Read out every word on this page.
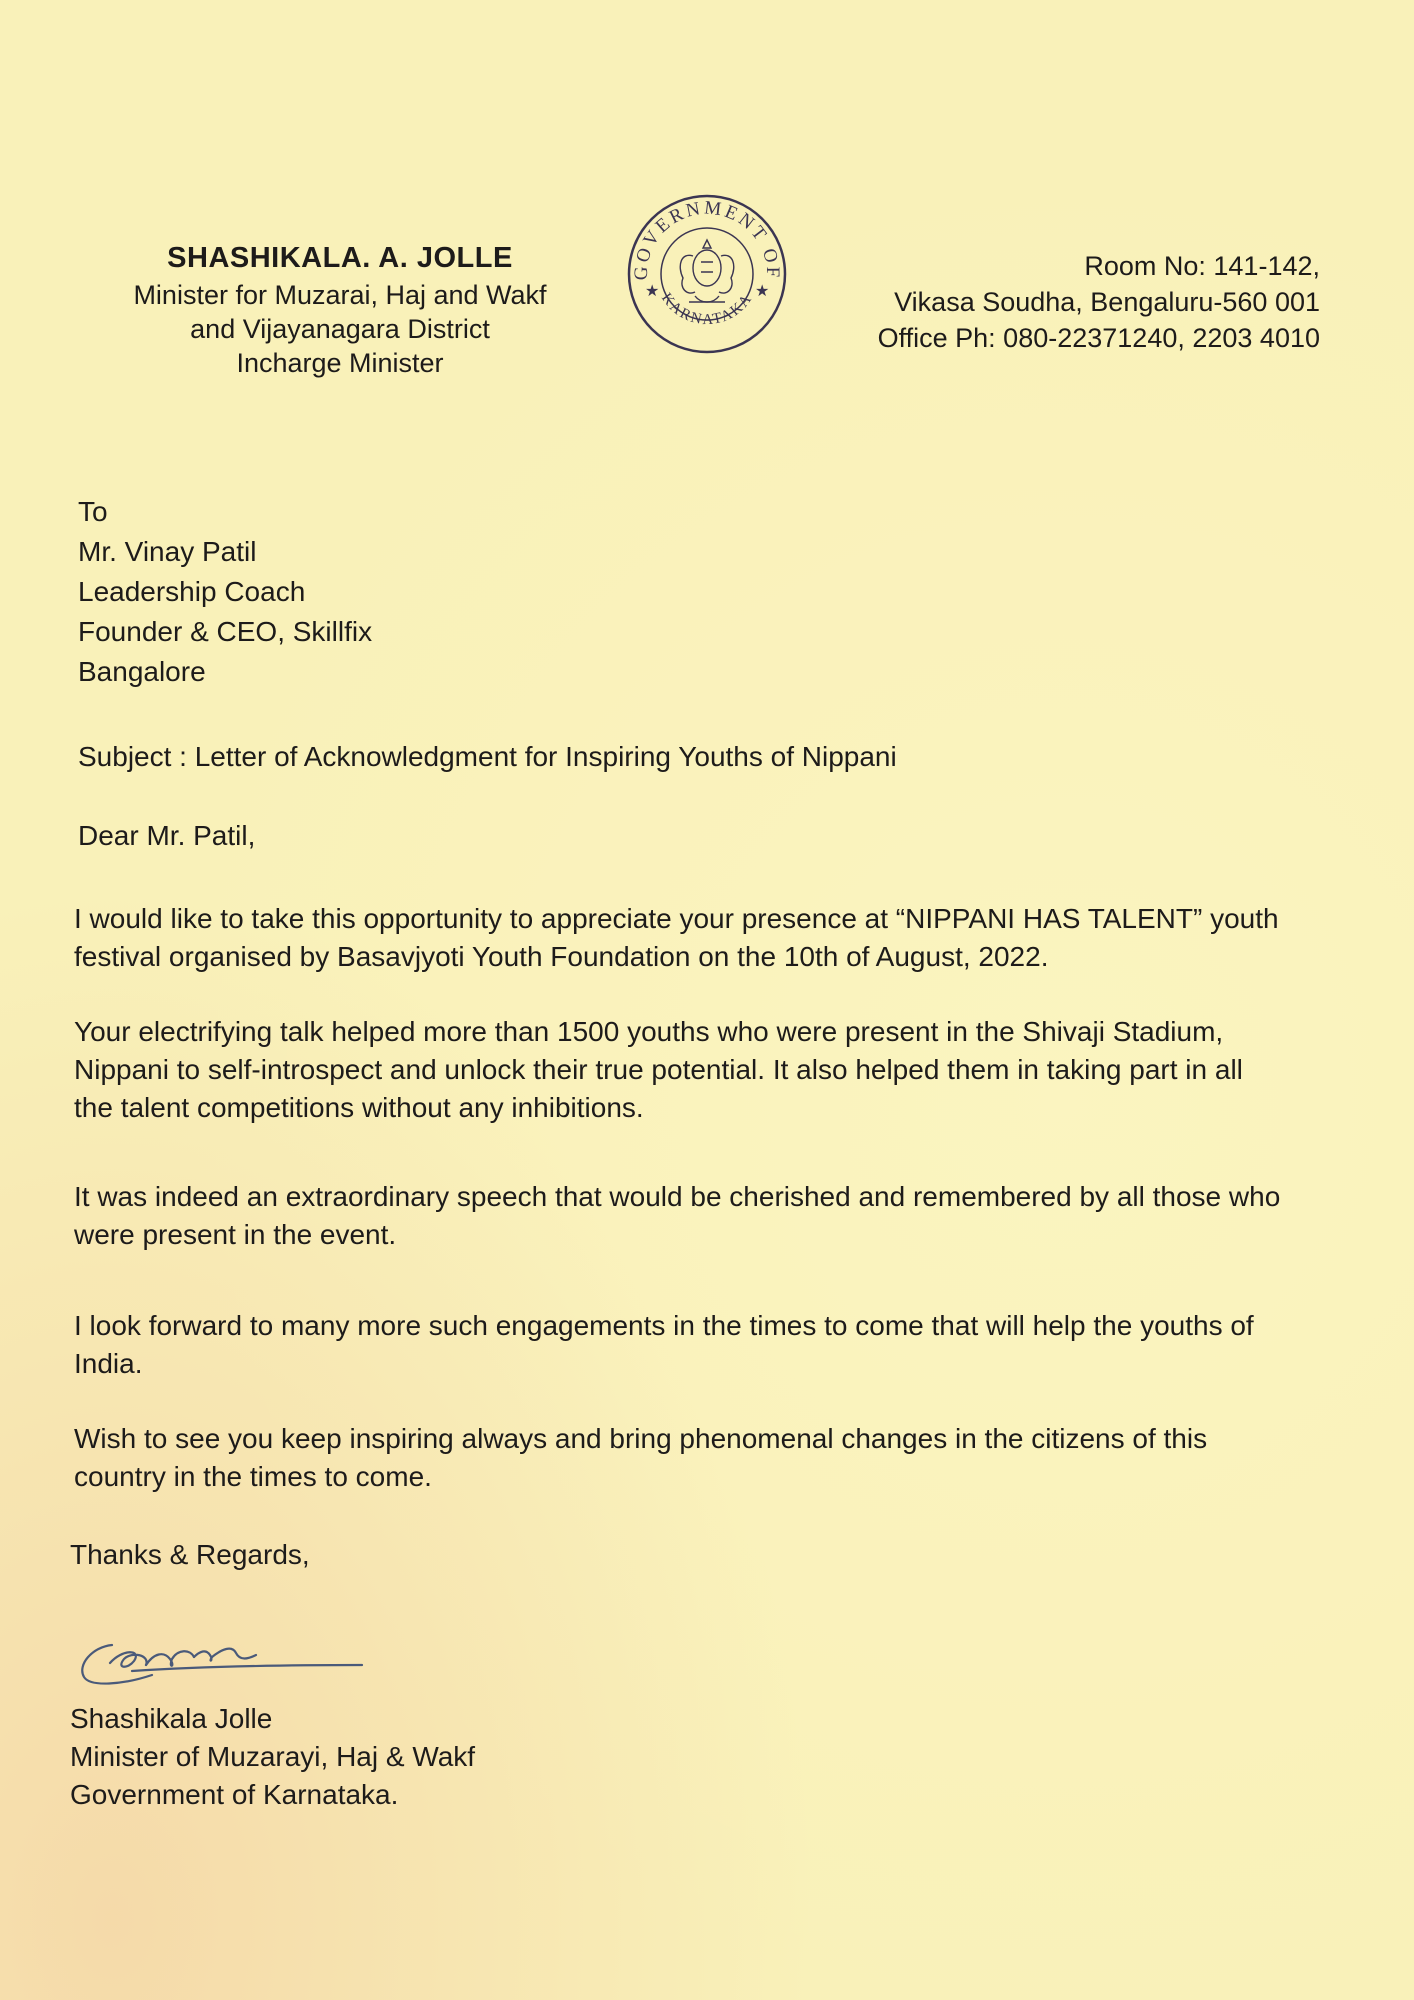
SHASHIKALA. A. JOLLE
Minister for Muzarai, Haj and Wakf
and Vijayanagara District
Incharge Minister
GOVERNMENT OF
KARNATAKA
★	★
Room No: 141-142,
Vikasa Soudha, Bengaluru-560 001
Office Ph: 080-22371240, 2203 4010
To
Mr. Vinay Patil
Leadership Coach
Founder & CEO, Skillfix
Bangalore
Subject : Letter of Acknowledgment for Inspiring Youths of Nippani
Dear Mr. Patil,
I would like to take this opportunity to appreciate your presence at “NIPPANI HAS TALENT” youth
festival organised by Basavjyoti Youth Foundation on the 10th of August, 2022.
Your electrifying talk helped more than 1500 youths who were present in the Shivaji Stadium,
Nippani to self-introspect and unlock their true potential. It also helped them in taking part in all
the talent competitions without any inhibitions.
It was indeed an extraordinary speech that would be cherished and remembered by all those who
were present in the event.
I look forward to many more such engagements in the times to come that will help the youths of
India.
Wish to see you keep inspiring always and bring phenomenal changes in the citizens of this
country in the times to come.
Thanks & Regards,
Shashikala Jolle
Minister of Muzarayi, Haj & Wakf
Government of Karnataka.
